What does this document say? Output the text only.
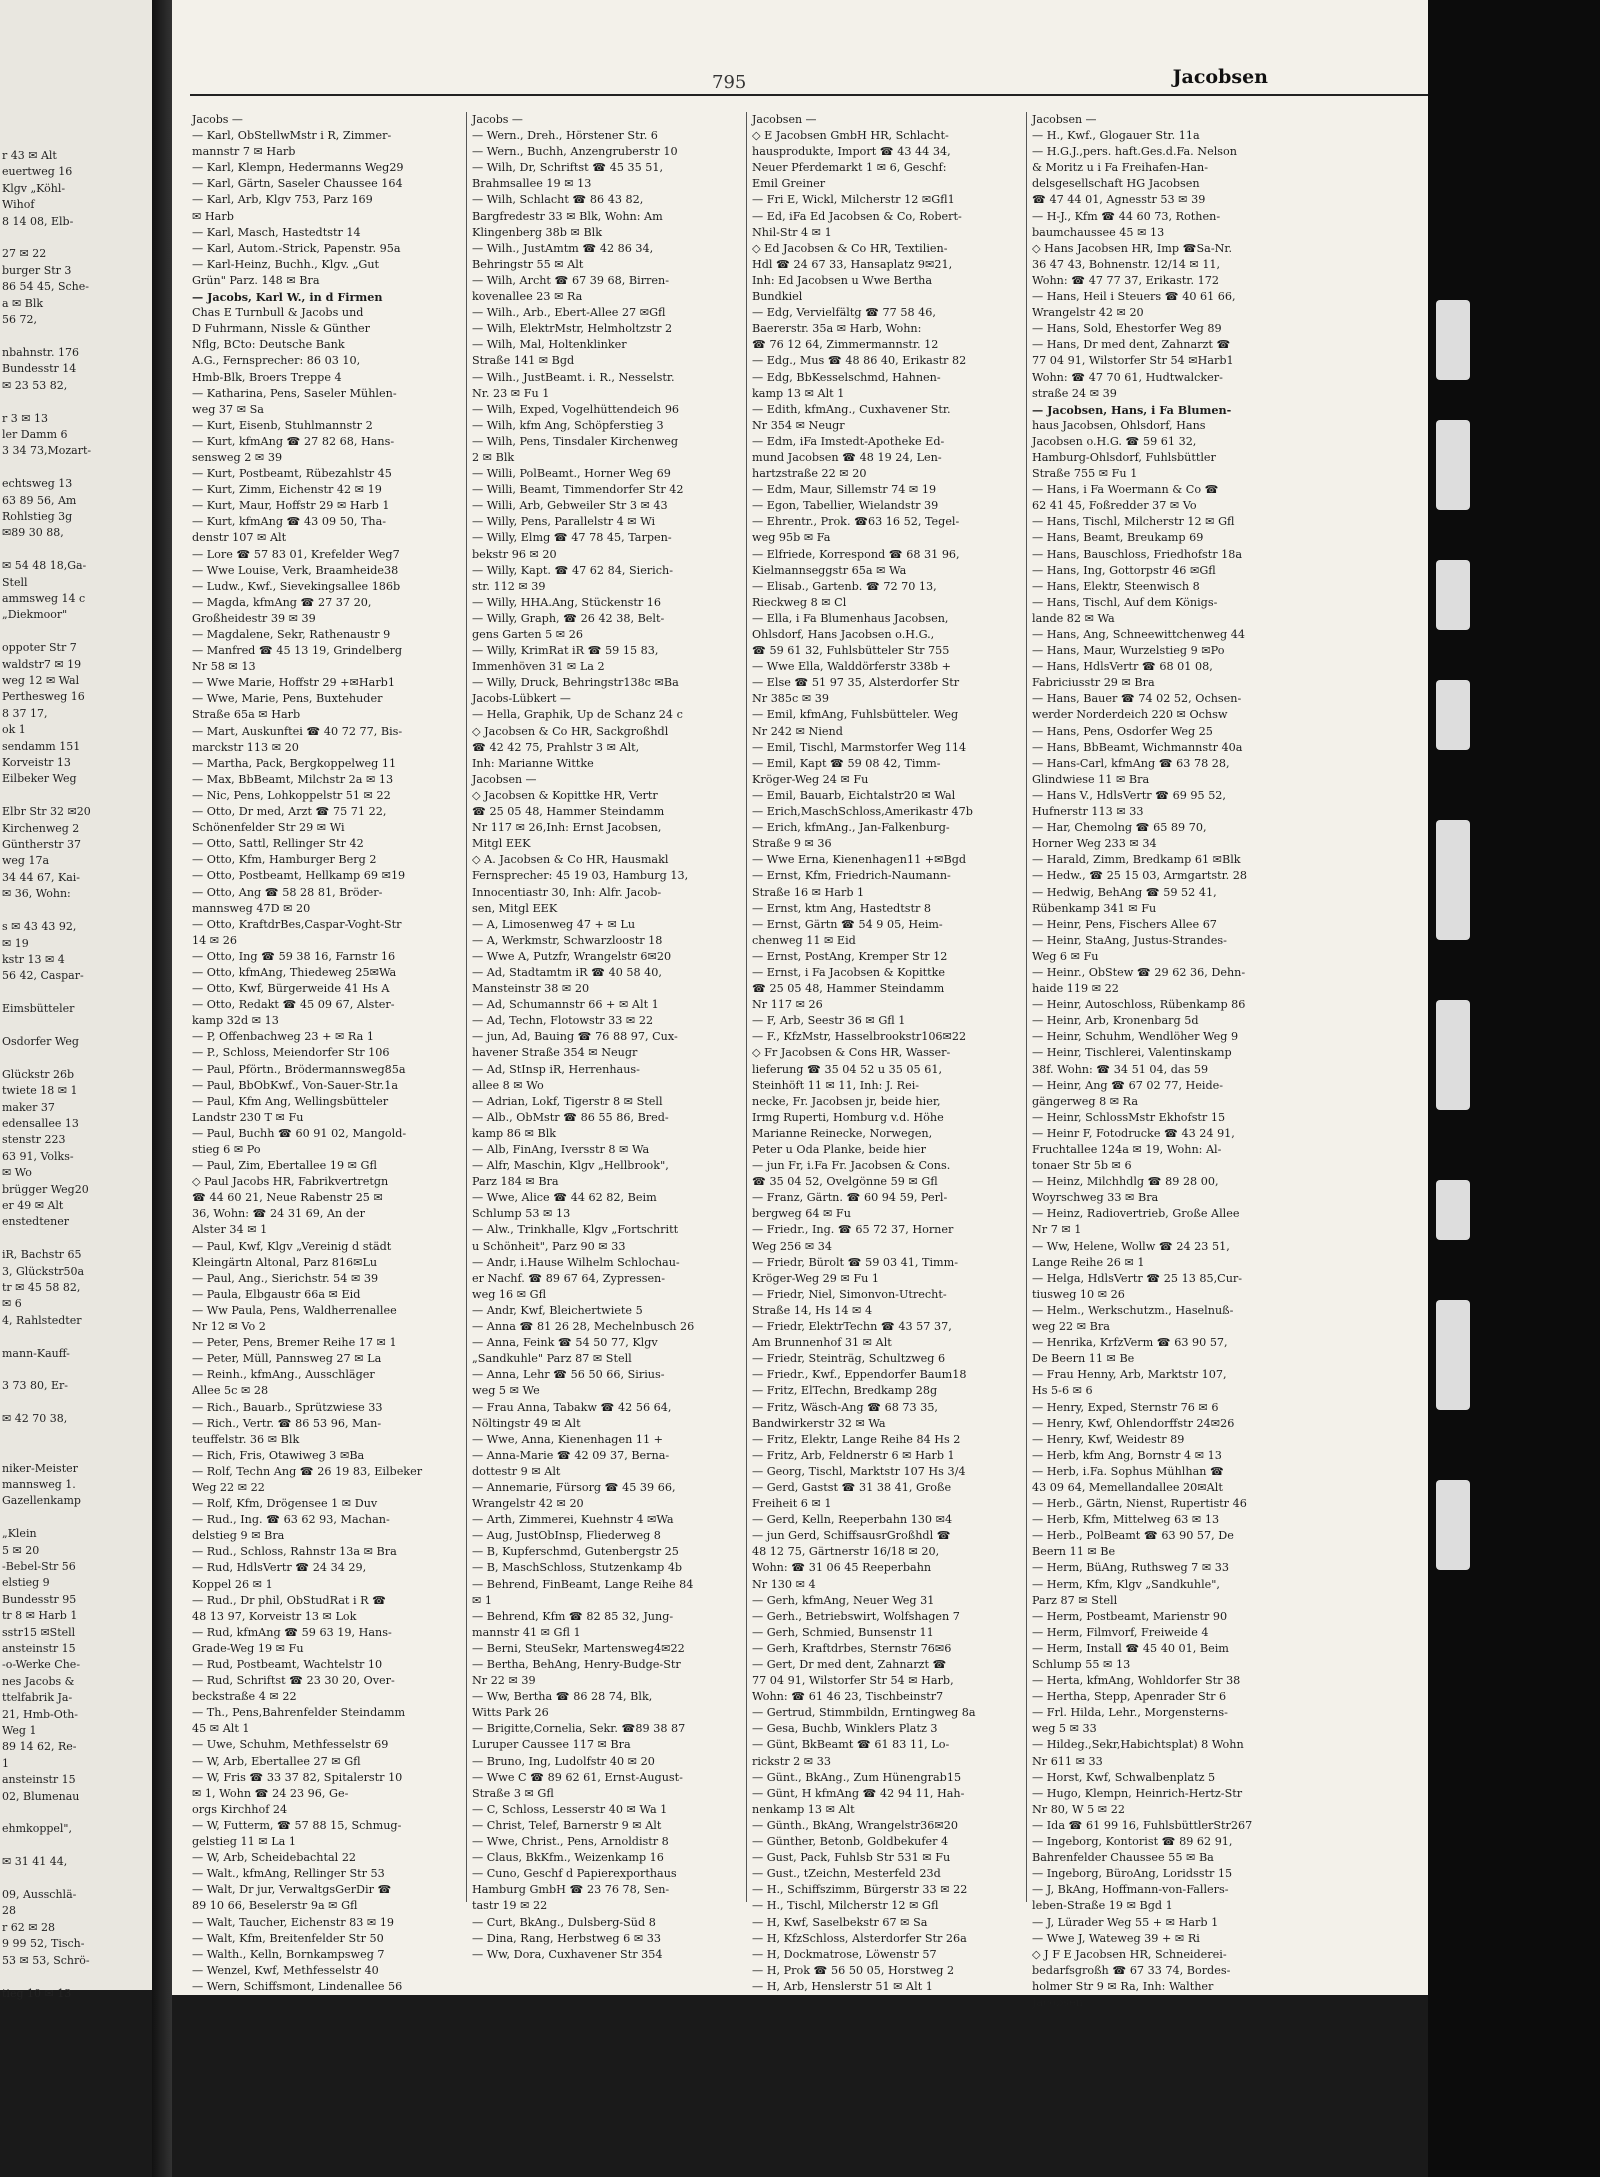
r 43 ✉ Alt
euertweg 16
Klgv „Köhl-
Wihof
8 14 08, Elb-

27 ✉ 22
burger Str 3
86 54 45, Sche-
a ✉ Blk
56 72,

nbahnstr. 176
Bundesstr 14
✉ 23 53 82,

r 3 ✉ 13
ler Damm 6
3 34 73,Mozart-

echtsweg 13
63 89 56, Am
Rohlstieg 3g
✉89 30 88,

✉ 54 48 18,Ga-
Stell
ammsweg 14 c
„Diekmoor"

oppoter Str 7
waldstr7 ✉ 19
weg 12 ✉ Wal
Perthesweg 16
8 37 17,
ok 1
sendamm 151
Korveistr 13
Eilbeker Weg

Elbr Str 32 ✉20
Kirchenweg 2
Güntherstr 37
weg 17a
34 44 67, Kai-
✉ 36, Wohn:

s ✉ 43 43 92,
✉ 19
kstr 13 ✉ 4
56 42, Caspar-

Eimsbütteler

Osdorfer Weg

Glückstr 26b
twiete 18 ✉ 1
maker 37
edensallee 13
stenstr 223
63 91, Volks-
✉ Wo
brügger Weg20
er 49 ✉ Alt
enstedtener

iR, Bachstr 65
3, Glückstr50a
tr ✉ 45 58 82,
✉ 6
4, Rahlstedter

mann-Kauff-

3 73 80, Er-

✉ 42 70 38,

niker-Meister
mannsweg 1.
Gazellenkamp

„Klein
5 ✉ 20
-Bebel-Str 56
elstieg 9
Bundesstr 95
tr 8 ✉ Harb 1
sstr15 ✉Stell
ansteinstr 15
-o-Werke Che-
nes Jacobs &
ttelfabrik Ja-
21, Hmb-Oth-
Weg 1
89 14 62, Re-
1
ansteinstr 15
02, Blumenau

ehmkoppel",

✉ 31 41 44,

09, Ausschlä-
28
r 62 ✉ 28
9 99 52, Tisch-
53 ✉ 53, Schrö-

tieg 10 ✉ 13
795	Jacobsen
Jacobs —
— Karl, ObStellwMstr i R, Zimmer-
mannstr 7 ✉ Harb
— Karl, Klempn, Hedermanns Weg29
— Karl, Gärtn, Saseler Chaussee 164
— Karl, Arb, Klgv 753, Parz 169
✉ Harb
— Karl, Masch, Hastedtstr 14
— Karl, Autom.-Strick, Papenstr. 95a
— Karl-Heinz, Buchh., Klgv. „Gut
Grün" Parz. 148 ✉ Bra
— Jacobs, Karl W., in d Firmen
Chas E Turnbull & Jacobs und
D Fuhrmann, Nissle & Günther
Nflg, BCto: Deutsche Bank
A.G., Fernsprecher: 86 03 10,
Hmb-Blk, Broers Treppe 4
— Katharina, Pens, Saseler Mühlen-
weg 37 ✉ Sa
— Kurt, Eisenb, Stuhlmannstr 2
— Kurt, kfmAng ☎ 27 82 68, Hans-
sensweg 2 ✉ 39
— Kurt, Postbeamt, Rübezahlstr 45
— Kurt, Zimm, Eichenstr 42 ✉ 19
— Kurt, Maur, Hoffstr 29 ✉ Harb 1
— Kurt, kfmAng ☎ 43 09 50, Tha-
denstr 107 ✉ Alt
— Lore ☎ 57 83 01, Krefelder Weg7
— Wwe Louise, Verk, Braamheide38
— Ludw., Kwf., Sievekingsallee 186b
— Magda, kfmAng ☎ 27 37 20,
Großheidestr 39 ✉ 39
— Magdalene, Sekr, Rathenaustr 9
— Manfred ☎ 45 13 19, Grindelberg
Nr 58 ✉ 13
— Wwe Marie, Hoffstr 29 +✉Harb1
— Wwe, Marie, Pens, Buxtehuder
Straße 65a ✉ Harb
— Mart, Auskunftei ☎ 40 72 77, Bis-
marckstr 113 ✉ 20
— Martha, Pack, Bergkoppelweg 11
— Max, BbBeamt, Milchstr 2a ✉ 13
— Nic, Pens, Lohkoppelstr 51 ✉ 22
— Otto, Dr med, Arzt ☎ 75 71 22,
Schönenfelder Str 29 ✉ Wi
— Otto, Sattl, Rellinger Str 42
— Otto, Kfm, Hamburger Berg 2
— Otto, Postbeamt, Hellkamp 69 ✉19
— Otto, Ang ☎ 58 28 81, Bröder-
mannsweg 47D ✉ 20
— Otto, KraftdrBes,Caspar-Voght-Str
14 ✉ 26
— Otto, Ing ☎ 59 38 16, Farnstr 16
— Otto, kfmAng, Thiedeweg 25✉Wa
— Otto, Kwf, Bürgerweide 41 Hs A
— Otto, Redakt ☎ 45 09 67, Alster-
kamp 32d ✉ 13
— P, Offenbachweg 23 + ✉ Ra 1
— P., Schloss, Meiendorfer Str 106
— Paul, Pförtn., Brödermannsweg85a
— Paul, BbObKwf., Von-Sauer-Str.1a
— Paul, Kfm Ang, Wellingsbütteler
Landstr 230 T ✉ Fu
— Paul, Buchh ☎ 60 91 02, Mangold-
stieg 6 ✉ Po
— Paul, Zim, Ebertallee 19 ✉ Gfl
◇ Paul Jacobs HR, Fabrikvertretgn
☎ 44 60 21, Neue Rabenstr 25 ✉
36, Wohn: ☎ 24 31 69, An der
Alster 34 ✉ 1
— Paul, Kwf, Klgv „Vereinig d städt
Kleingärtn Altonal, Parz 816✉Lu
— Paul, Ang., Sierichstr. 54 ✉ 39
— Paula, Elbgaustr 66a ✉ Eid
— Ww Paula, Pens, Waldherrenallee
Nr 12 ✉ Vo 2
— Peter, Pens, Bremer Reihe 17 ✉ 1
— Peter, Müll, Pannsweg 27 ✉ La
— Reinh., kfmAng., Ausschläger
Allee 5c ✉ 28
— Rich., Bauarb., Sprützwiese 33
— Rich., Vertr. ☎ 86 53 96, Man-
teuffelstr. 36 ✉ Blk
— Rich, Fris, Otawiweg 3 ✉Ba
— Rolf, Techn Ang ☎ 26 19 83, Eilbeker
Weg 22 ✉ 22
— Rolf, Kfm, Drögensee 1 ✉ Duv
— Rud., Ing. ☎ 63 62 93, Machan-
delstieg 9 ✉ Bra
— Rud., Schloss, Rahnstr 13a ✉ Bra
— Rud, HdlsVertr ☎ 24 34 29,
Koppel 26 ✉ 1
— Rud., Dr phil, ObStudRat i R ☎
48 13 97, Korveistr 13 ✉ Lok
— Rud, kfmAng ☎ 59 63 19, Hans-
Grade-Weg 19 ✉ Fu
— Rud, Postbeamt, Wachtelstr 10
— Rud, Schriftst ☎ 23 30 20, Over-
beckstraße 4 ✉ 22
— Th., Pens,Bahrenfelder Steindamm
45 ✉ Alt 1
— Uwe, Schuhm, Methfesselstr 69
— W, Arb, Ebertallee 27 ✉ Gfl
— W, Fris ☎ 33 37 82, Spitalerstr 10
✉ 1, Wohn ☎ 24 23 96, Ge-
orgs Kirchhof 24
— W, Futterm, ☎ 57 88 15, Schmug-
gelstieg 11 ✉ La 1
— W, Arb, Scheidebachtal 22
— Walt., kfmAng, Rellinger Str 53
— Walt, Dr jur, VerwaltgsGerDir ☎
89 10 66, Beselerstr 9a ✉ Gfl
— Walt, Taucher, Eichenstr 83 ✉ 19
— Walt, Kfm, Breitenfelder Str 50
— Walth., Kelln, Bornkampsweg 7
— Wenzel, Kwf, Methfesselstr 40
— Wern, Schiffsmont, Lindenallee 56
Jacobs —
— Wern., Dreh., Hörstener Str. 6
— Wern., Buchh, Anzengruberstr 10
— Wilh, Dr, Schriftst ☎ 45 35 51,
Brahmsallee 19 ✉ 13
— Wilh, Schlacht ☎ 86 43 82,
Bargfredestr 33 ✉ Blk, Wohn: Am
Klingenberg 38b ✉ Blk
— Wilh., JustAmtm ☎ 42 86 34,
Behringstr 55 ✉ Alt
— Wilh, Archt ☎ 67 39 68, Birren-
kovenallee 23 ✉ Ra
— Wilh., Arb., Ebert-Allee 27 ✉Gfl
— Wilh, ElektrMstr, Helmholtzstr 2
— Wilh, Mal, Holtenklinker
Straße 141 ✉ Bgd
— Wilh., JustBeamt. i. R., Nesselstr.
Nr. 23 ✉ Fu 1
— Wilh, Exped, Vogelhüttendeich 96
— Wilh, kfm Ang, Schöpferstieg 3
— Wilh, Pens, Tinsdaler Kirchenweg
2 ✉ Blk
— Willi, PolBeamt., Horner Weg 69
— Willi, Beamt, Timmendorfer Str 42
— Willi, Arb, Gebweiler Str 3 ✉ 43
— Willy, Pens, Parallelstr 4 ✉ Wi
— Willy, Elmg ☎ 47 78 45, Tarpen-
bekstr 96 ✉ 20
— Willy, Kapt. ☎ 47 62 84, Sierich-
str. 112 ✉ 39
— Willy, HHA.Ang, Stückenstr 16
— Willy, Graph, ☎ 26 42 38, Belt-
gens Garten 5 ✉ 26
— Willy, KrimRat iR ☎ 59 15 83,
Immenhöven 31 ✉ La 2
— Willy, Druck, Behringstr138c ✉Ba
Jacobs-Lübkert —
— Hella, Graphik, Up de Schanz 24 c
◇ Jacobsen & Co HR, Sackgroßhdl
☎ 42 42 75, Prahlstr 3 ✉ Alt,
Inh: Marianne Wittke
Jacobsen —
◇ Jacobsen & Kopittke HR, Vertr
☎ 25 05 48, Hammer Steindamm
Nr 117 ✉ 26,Inh: Ernst Jacobsen,
Mitgl EEK
◇ A. Jacobsen & Co HR, Hausmakl
Fernsprecher: 45 19 03, Hamburg 13,
Innocentiastr 30, Inh: Alfr. Jacob-
sen, Mitgl EEK
— A, Limosenweg 47 + ✉ Lu
— A, Werkmstr, Schwarzloostr 18
— Wwe A, Putzfr, Wrangelstr 6✉20
— Ad, Stadtamtm iR ☎ 40 58 40,
Mansteinstr 38 ✉ 20
— Ad, Schumannstr 66 + ✉ Alt 1
— Ad, Techn, Flotowstr 33 ✉ 22
— jun, Ad, Bauing ☎ 76 88 97, Cux-
havener Straße 354 ✉ Neugr
— Ad, StInsp iR, Herrenhaus-
allee 8 ✉ Wo
— Adrian, Lokf, Tigerstr 8 ✉ Stell
— Alb., ObMstr ☎ 86 55 86, Bred-
kamp 86 ✉ Blk
— Alb, FinAng, Iversstr 8 ✉ Wa
— Alfr, Maschin, Klgv „Hellbrook",
Parz 184 ✉ Bra
— Wwe, Alice ☎ 44 62 82, Beim
Schlump 53 ✉ 13
— Alw., Trinkhalle, Klgv „Fortschritt
u Schönheit", Parz 90 ✉ 33
— Andr, i.Hause Wilhelm Schlochau-
er Nachf. ☎ 89 67 64, Zypressen-
weg 16 ✉ Gfl
— Andr, Kwf, Bleichertwiete 5
— Anna ☎ 81 26 28, Mechelnbusch 26
— Anna, Feink ☎ 54 50 77, Klgv
„Sandkuhle" Parz 87 ✉ Stell
— Anna, Lehr ☎ 56 50 66, Sirius-
weg 5 ✉ We
— Frau Anna, Tabakw ☎ 42 56 64,
Nöltingstr 49 ✉ Alt
— Wwe, Anna, Kienenhagen 11 +
— Anna-Marie ☎ 42 09 37, Berna-
dottestr 9 ✉ Alt
— Annemarie, Fürsorg ☎ 45 39 66,
Wrangelstr 42 ✉ 20
— Arth, Zimmerei, Kuehnstr 4 ✉Wa
— Aug, JustObInsp, Fliederweg 8
— B, Kupferschmd, Gutenbergstr 25
— B, MaschSchloss, Stutzenkamp 4b
— Behrend, FinBeamt, Lange Reihe 84
✉ 1
— Behrend, Kfm ☎ 82 85 32, Jung-
mannstr 41 ✉ Gfl 1
— Berni, SteuSekr, Martensweg4✉22
— Bertha, BehAng, Henry-Budge-Str
Nr 22 ✉ 39
— Ww, Bertha ☎ 86 28 74, Blk,
Witts Park 26
— Brigitte,Cornelia, Sekr. ☎89 38 87
Luruper Caussee 117 ✉ Bra
— Bruno, Ing, Ludolfstr 40 ✉ 20
— Wwe C ☎ 89 62 61, Ernst-August-
Straße 3 ✉ Gfl
— C, Schloss, Lesserstr 40 ✉ Wa 1
— Christ, Telef, Barnerstr 9 ✉ Alt
— Wwe, Christ., Pens, Arnoldistr 8
— Claus, BkKfm., Weizenkamp 16
— Cuno, Geschf d Papierexporthaus
Hamburg GmbH ☎ 23 76 78, Sen-
tastr 19 ✉ 22
— Curt, BkAng., Dulsberg-Süd 8
— Dina, Rang, Herbstweg 6 ✉ 33
— Ww, Dora, Cuxhavener Str 354
Jacobsen —
◇ E Jacobsen GmbH HR, Schlacht-
hausprodukte, Import ☎ 43 44 34,
Neuer Pferdemarkt 1 ✉ 6, Geschf:
Emil Greiner
— Fri E, Wickl, Milcherstr 12 ✉Gfl1
— Ed, iFa Ed Jacobsen & Co, Robert-
Nhil-Str 4 ✉ 1
◇ Ed Jacobsen & Co HR, Textilien-
Hdl ☎ 24 67 33, Hansaplatz 9✉21,
Inh: Ed Jacobsen u Wwe Bertha
Bundkiel
— Edg, Vervielfältg ☎ 77 58 46,
Baererstr. 35a ✉ Harb, Wohn:
☎ 76 12 64, Zimmermannstr. 12
— Edg., Mus ☎ 48 86 40, Erikastr 82
— Edg, BbKesselschmd, Hahnen-
kamp 13 ✉ Alt 1
— Edith, kfmAng., Cuxhavener Str.
Nr 354 ✉ Neugr
— Edm, iFa Imstedt-Apotheke Ed-
mund Jacobsen ☎ 48 19 24, Len-
hartzstraße 22 ✉ 20
— Edm, Maur, Sillemstr 74 ✉ 19
— Egon, Tabellier, Wielandstr 39
— Ehrentr., Prok. ☎63 16 52, Tegel-
weg 95b ✉ Fa
— Elfriede, Korrespond ☎ 68 31 96,
Kielmannseggstr 65a ✉ Wa
— Elisab., Gartenb. ☎ 72 70 13,
Rieckweg 8 ✉ Cl
— Ella, i Fa Blumenhaus Jacobsen,
Ohlsdorf, Hans Jacobsen o.H.G.,
☎ 59 61 32, Fuhlsbütteler Str 755
— Wwe Ella, Walddörferstr 338b +
— Else ☎ 51 97 35, Alsterdorfer Str
Nr 385c ✉ 39
— Emil, kfmAng, Fuhlsbütteler. Weg
Nr 242 ✉ Niend
— Emil, Tischl, Marmstorfer Weg 114
— Emil, Kapt ☎ 59 08 42, Timm-
Kröger-Weg 24 ✉ Fu
— Emil, Bauarb, Eichtalstr20 ✉ Wal
— Erich,MaschSchloss,Amerikastr 47b
— Erich, kfmAng., Jan-Falkenburg-
Straße 9 ✉ 36
— Wwe Erna, Kienenhagen11 +✉Bgd
— Ernst, Kfm, Friedrich-Naumann-
Straße 16 ✉ Harb 1
— Ernst, ktm Ang, Hastedtstr 8
— Ernst, Gärtn ☎ 54 9 05, Heim-
chenweg 11 ✉ Eid
— Ernst, PostAng, Kremper Str 12
— Ernst, i Fa Jacobsen & Kopittke
☎ 25 05 48, Hammer Steindamm
Nr 117 ✉ 26
— F, Arb, Seestr 36 ✉ Gfl 1
— F., KfzMstr, Hasselbrookstr106✉22
◇ Fr Jacobsen & Cons HR, Wasser-
lieferung ☎ 35 04 52 u 35 05 61,
Steinhöft 11 ✉ 11, Inh: J. Rei-
necke, Fr. Jacobsen jr, beide hier,
Irmg Ruperti, Homburg v.d. Höhe
Marianne Reinecke, Norwegen,
Peter u Oda Planke, beide hier
— jun Fr, i.Fa Fr. Jacobsen & Cons.
☎ 35 04 52, Ovelgönne 59 ✉ Gfl
— Franz, Gärtn. ☎ 60 94 59, Perl-
bergweg 64 ✉ Fu
— Friedr., Ing. ☎ 65 72 37, Horner
Weg 256 ✉ 34
— Friedr, Bürolt ☎ 59 03 41, Timm-
Kröger-Weg 29 ✉ Fu 1
— Friedr, Niel, Simonvon-Utrecht-
Straße 14, Hs 14 ✉ 4
— Friedr, ElektrTechn ☎ 43 57 37,
Am Brunnenhof 31 ✉ Alt
— Friedr, Steinträg, Schultzweg 6
— Friedr., Kwf., Eppendorfer Baum18
— Fritz, ElTechn, Bredkamp 28g
— Fritz, Wäsch-Ang ☎ 68 73 35,
Bandwirkerstr 32 ✉ Wa
— Fritz, Elektr, Lange Reihe 84 Hs 2
— Fritz, Arb, Feldnerstr 6 ✉ Harb 1
— Georg, Tischl, Marktstr 107 Hs 3/4
— Gerd, Gastst ☎ 31 38 41, Große
Freiheit 6 ✉ 1
— Gerd, Kelln, Reeperbahn 130 ✉4
— jun Gerd, SchiffsausrGroßhdl ☎
48 12 75, Gärtnerstr 16/18 ✉ 20,
Wohn: ☎ 31 06 45 Reeperbahn
Nr 130 ✉ 4
— Gerh, kfmAng, Neuer Weg 31
— Gerh., Betriebswirt, Wolfshagen 7
— Gerh, Schmied, Bunsenstr 11
— Gerh, Kraftdrbes, Sternstr 76✉6
— Gert, Dr med dent, Zahnarzt ☎
77 04 91, Wilstorfer Str 54 ✉ Harb,
Wohn: ☎ 61 46 23, Tischbeinstr7
— Gertrud, Stimmbildn, Erntingweg 8a
— Gesa, Buchb, Winklers Platz 3
— Günt, BkBeamt ☎ 61 83 11, Lo-
rickstr 2 ✉ 33
— Günt., BkAng., Zum Hünengrab15
— Günt, H kfmAng ☎ 42 94 11, Hah-
nenkamp 13 ✉ Alt
— Günth., BkAng, Wrangelstr36✉20
— Günther, Betonb, Goldbekufer 4
— Gust, Pack, Fuhlsb Str 531 ✉ Fu
— Gust., tZeichn, Mesterfeld 23d
— H., Schiffszimm, Bürgerstr 33 ✉ 22
— H., Tischl, Milcherstr 12 ✉ Gfl
— H, Kwf, Saselbekstr 67 ✉ Sa
— H, KfzSchloss, Alsterdorfer Str 26a
— H, Dockmatrose, Löwenstr 57
— H, Prok ☎ 56 50 05, Horstweg 2
— H, Arb, Henslerstr 51 ✉ Alt 1
Jacobsen —
— H., Kwf., Glogauer Str. 11a
— H.G.J.,pers. haft.Ges.d.Fa. Nelson
& Moritz u i Fa Freihafen-Han-
delsgesellschaft HG Jacobsen
☎ 47 44 01, Agnesstr 53 ✉ 39
— H-J., Kfm ☎ 44 60 73, Rothen-
baumchaussee 45 ✉ 13
◇ Hans Jacobsen HR, Imp ☎Sa-Nr.
36 47 43, Bohnenstr. 12/14 ✉ 11,
Wohn: ☎ 47 77 37, Erikastr. 172
— Hans, Heil i Steuers ☎ 40 61 66,
Wrangelstr 42 ✉ 20
— Hans, Sold, Ehestorfer Weg 89
— Hans, Dr med dent, Zahnarzt ☎
77 04 91, Wilstorfer Str 54 ✉Harb1
Wohn: ☎ 47 70 61, Hudtwalcker-
straße 24 ✉ 39
— Jacobsen, Hans, i Fa Blumen-
haus Jacobsen, Ohlsdorf, Hans
Jacobsen o.H.G. ☎ 59 61 32,
Hamburg-Ohlsdorf, Fuhlsbüttler
Straße 755 ✉ Fu 1
— Hans, i Fa Woermann & Co ☎
62 41 45, Foßredder 37 ✉ Vo
— Hans, Tischl, Milcherstr 12 ✉ Gfl
— Hans, Beamt, Breukamp 69
— Hans, Bauschloss, Friedhofstr 18a
— Hans, Ing, Gottorpstr 46 ✉Gfl
— Hans, Elektr, Steenwisch 8
— Hans, Tischl, Auf dem Königs-
lande 82 ✉ Wa
— Hans, Ang, Schneewittchenweg 44
— Hans, Maur, Wurzelstieg 9 ✉Po
— Hans, HdlsVertr ☎ 68 01 08,
Fabriciusstr 29 ✉ Bra
— Hans, Bauer ☎ 74 02 52, Ochsen-
werder Norderdeich 220 ✉ Ochsw
— Hans, Pens, Osdorfer Weg 25
— Hans, BbBeamt, Wichmannstr 40a
— Hans-Carl, kfmAng ☎ 63 78 28,
Glindwiese 11 ✉ Bra
— Hans V., HdlsVertr ☎ 69 95 52,
Hufnerstr 113 ✉ 33
— Har, Chemolng ☎ 65 89 70,
Horner Weg 233 ✉ 34
— Harald, Zimm, Bredkamp 61 ✉Blk
— Hedw., ☎ 25 15 03, Armgartstr. 28
— Hedwig, BehAng ☎ 59 52 41,
Rübenkamp 341 ✉ Fu
— Heinr, Pens, Fischers Allee 67
— Heinr, StaAng, Justus-Strandes-
Weg 6 ✉ Fu
— Heinr., ObStew ☎ 29 62 36, Dehn-
haide 119 ✉ 22
— Heinr, Autoschloss, Rübenkamp 86
— Heinr, Arb, Kronenbarg 5d
— Heinr, Schuhm, Wendlöher Weg 9
— Heinr, Tischlerei, Valentinskamp
38f. Wohn: ☎ 34 51 04, das 59
— Heinr, Ang ☎ 67 02 77, Heide-
gängerweg 8 ✉ Ra
— Heinr, SchlossMstr Ekhofstr 15
— Heinr F, Fotodrucke ☎ 43 24 91,
Fruchtallee 124a ✉ 19, Wohn: Al-
tonaer Str 5b ✉ 6
— Heinz, Milchhdlg ☎ 89 28 00,
Woyrschweg 33 ✉ Bra
— Heinz, Radiovertrieb, Große Allee
Nr 7 ✉ 1
— Ww, Helene, Wollw ☎ 24 23 51,
Lange Reihe 26 ✉ 1
— Helga, HdlsVertr ☎ 25 13 85,Cur-
tiusweg 10 ✉ 26
— Helm., Werkschutzm., Haselnuß-
weg 22 ✉ Bra
— Henrika, KrfzVerm ☎ 63 90 57,
De Beern 11 ✉ Be
— Frau Henny, Arb, Marktstr 107,
Hs 5-6 ✉ 6
— Henry, Exped, Sternstr 76 ✉ 6
— Henry, Kwf, Ohlendorffstr 24✉26
— Henry, Kwf, Weidestr 89
— Herb, kfm Ang, Bornstr 4 ✉ 13
— Herb, i.Fa. Sophus Mühlhan ☎
43 09 64, Memellandallee 20✉Alt
— Herb., Gärtn, Nienst, Rupertistr 46
— Herb, Kfm, Mittelweg 63 ✉ 13
— Herb., PolBeamt ☎ 63 90 57, De
Beern 11 ✉ Be
— Herm, BüAng, Ruthsweg 7 ✉ 33
— Herm, Kfm, Klgv „Sandkuhle",
Parz 87 ✉ Stell
— Herm, Postbeamt, Marienstr 90
— Herm, Filmvorf, Freiweide 4
— Herm, Install ☎ 45 40 01, Beim
Schlump 55 ✉ 13
— Herta, kfmAng, Wohldorfer Str 38
— Hertha, Stepp, Apenrader Str 6
— Frl. Hilda, Lehr., Morgensterns-
weg 5 ✉ 33
— Hildeg.,Sekr,Habichtsplat) 8 Wohn
Nr 611 ✉ 33
— Horst, Kwf, Schwalbenplatz 5
— Hugo, Klempn, Heinrich-Hertz-Str
Nr 80, W 5 ✉ 22
— Ida ☎ 61 99 16, FuhlsbüttlerStr267
— Ingeborg, Kontorist ☎ 89 62 91,
Bahrenfelder Chaussee 55 ✉ Ba
— Ingeborg, BüroAng, Loridsstr 15
— J, BkAng, Hoffmann-von-Fallers-
leben-Straße 19 ✉ Bgd 1
— J, Lürader Weg 55 + ✉ Harb 1
— Wwe J, Wateweg 39 + ✉ Ri
◇ J F E Jacobsen HR, Schneiderei-
bedarfsgroßh ☎ 67 33 74, Bordes-
holmer Str 9 ✉ Ra, Inh: Walther
Jacobsen
